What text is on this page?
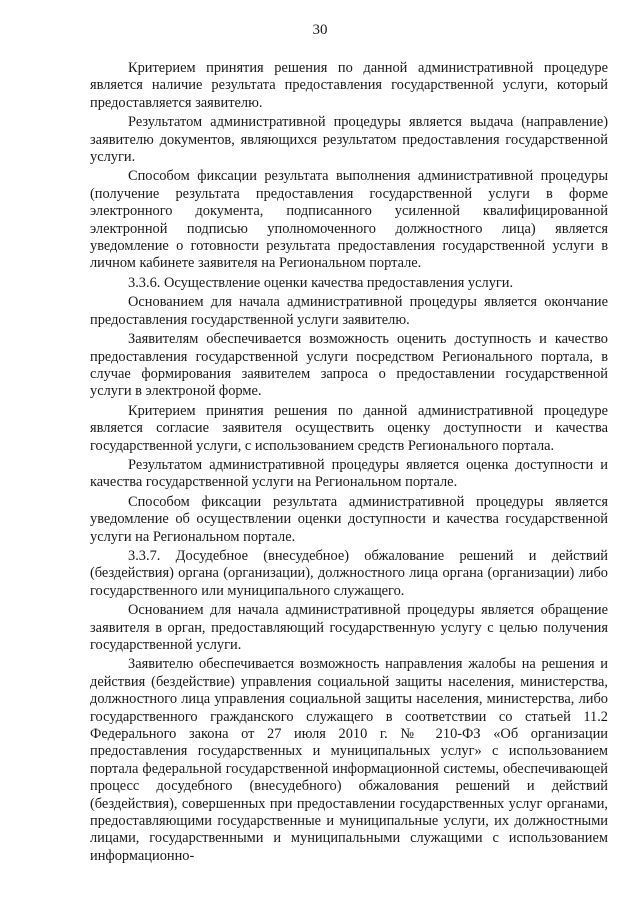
30

Критерием принятия решения по данной административной процедуре является наличие результата предоставления государственной услуги, который предоставляется заявителю.

Результатом административной процедуры является выдача (направление) заявителю документов, являющихся результатом предоставления государственной услуги.

Способом фиксации результата выполнения административной процедуры (получение результата предоставления государственной услуги в форме электронного документа, подписанного усиленной квалифицированной электронной подписью уполномоченного должностного лица) является уведомление о готовности результата предоставления государственной услуги в личном кабинете заявителя на Региональном портале.

3.3.6. Осуществление оценки качества предоставления услуги.

Основанием для начала административной процедуры является окончание предоставления государственной услуги заявителю.

Заявителям обеспечивается возможность оценить доступность и качество предоставления государственной услуги посредством Регионального портала, в случае формирования заявителем запроса о предоставлении государственной услуги в электроной форме.

Критерием принятия решения по данной административной процедуре является согласие заявителя осуществить оценку доступности и качества государственной услуги, с использованием средств Регионального портала.

Результатом административной процедуры является оценка доступности и качества государственной услуги на Региональном портале.

Способом фиксации результата административной процедуры является уведомление об осуществлении оценки доступности и качества государственной услуги на Региональном портале.

3.3.7. Досудебное (внесудебное) обжалование решений и действий (бездействия) органа (организации), должностного лица органа (организации) либо государственного или муниципального служащего.

Основанием для начала административной процедуры является обращение заявителя в орган, предоставляющий государственную услугу с целью получения государственной услуги.

Заявителю обеспечивается возможность направления жалобы на решения и действия (бездействие) управления социальной защиты населения, министерства, должностного лица управления социальной защиты населения, министерства, либо государственного гражданского служащего в соответствии со статьей 11.2 Федерального закона от 27 июля 2010 г. № 210-ФЗ «Об организации предоставления государственных и муниципальных услуг» с использованием портала федеральной государственной информационной системы, обеспечивающей процесс досудебного (внесудебного) обжалования решений и действий (бездействия), совершенных при предоставлении государственных услуг органами, предоставляющими государственные и муниципальные услуги, их должностными лицами, государственными и муниципальными служащими с использованием информационно-
